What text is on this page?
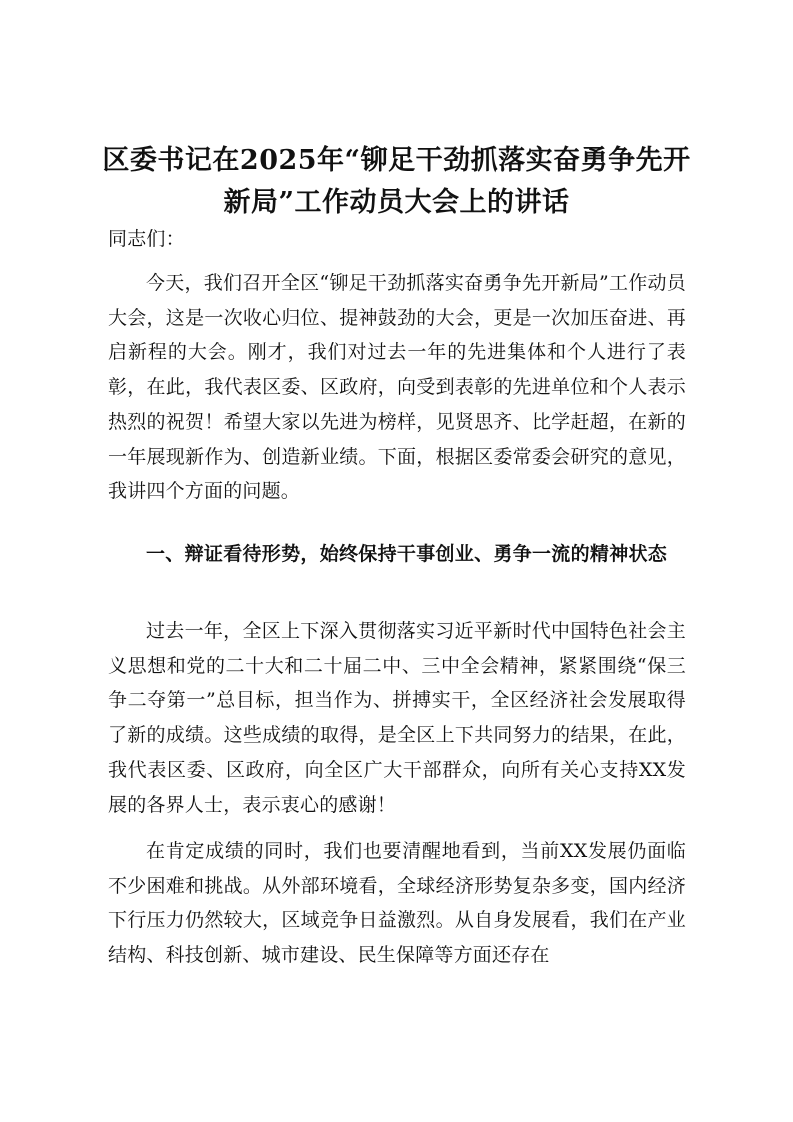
区委书记在2025年“铆足干劲抓落实奋勇争先开新局”工作动员大会上的讲话

同志们：

今天，我们召开全区“铆足干劲抓落实奋勇争先开新局”工作动员大会，这是一次收心归位、提神鼓劲的大会，更是一次加压奋进、再启新程的大会。刚才，我们对过去一年的先进集体和个人进行了表彰，在此，我代表区委、区政府，向受到表彰的先进单位和个人表示热烈的祝贺！希望大家以先进为榜样，见贤思齐、比学赶超，在新的一年展现新作为、创造新业绩。下面，根据区委常委会研究的意见，我讲四个方面的问题。

一、辩证看待形势，始终保持干事创业、勇争一流的精神状态

过去一年，全区上下深入贯彻落实习近平新时代中国特色社会主义思想和党的二十大和二十届二中、三中全会精神，紧紧围绕“保三争二夺第一”总目标，担当作为、拼搏实干，全区经济社会发展取得了新的成绩。这些成绩的取得，是全区上下共同努力的结果，在此，我代表区委、区政府，向全区广大干部群众，向所有关心支持XX发展的各界人士，表示衷心的感谢！

在肯定成绩的同时，我们也要清醒地看到，当前XX发展仍面临不少困难和挑战。从外部环境看，全球经济形势复杂多变，国内经济下行压力仍然较大，区域竞争日益激烈。从自身发展看，我们在产业结构、科技创新、城市建设、民生保障等方面还存在
